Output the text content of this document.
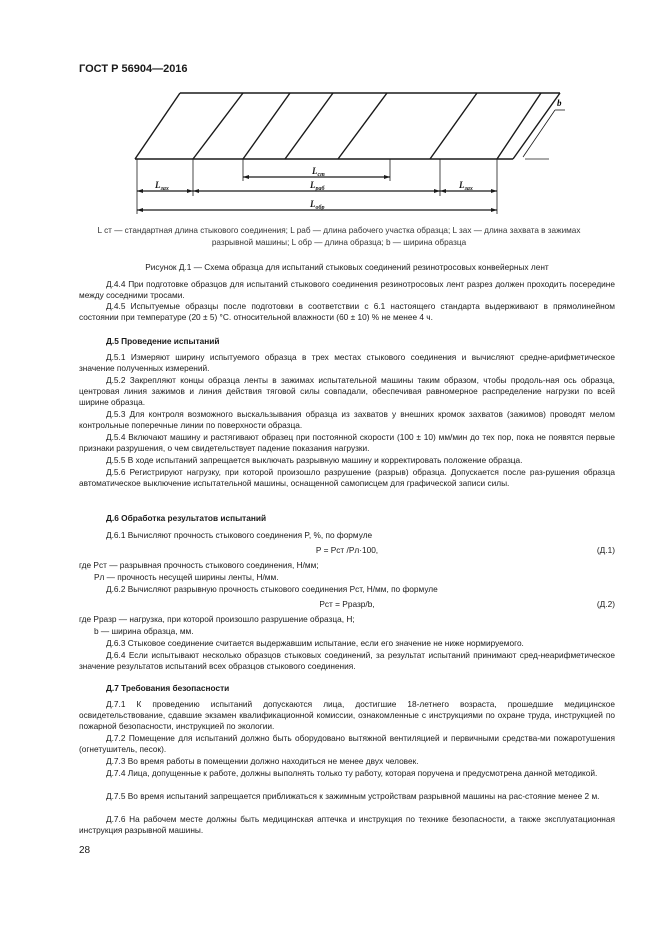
ГОСТ Р 56904—2016
b
$L_{ст}$
$L_{раб}$
$L_{зах}$	$L_{зах}$
$L_{обр}$
L ст — стандартная длина стыкового соединения; L раб — длина рабочего участка образца; L зах — длина захвата в зажимах
разрывной машины; L обр — длина образца; b — ширина образца
Рисунок Д.1 — Схема образца для испытаний стыковых соединений резинотросовых конвейерных лент
Д.4.4 При подготовке образцов для испытаний стыкового соединения резинотросовых лент разрез должен проходить посередине между соседними тросами.
Д.4.5 Испытуемые образцы после подготовки в соответствии с 6.1 настоящего стандарта выдерживают в прямолинейном состоянии при температуре (20 ± 5) °С. относительной влажности (60 ± 10) % не менее 4 ч.
Д.5 Проведение испытаний
Д.5.1 Измеряют ширину испытуемого образца в трех местах стыкового соединения и вычисляют средне-арифметическое значение полученных измерений.
Д.5.2 Закрепляют концы образца ленты в зажимах испытательной машины таким образом, чтобы продоль-ная ось образца, центровая линия зажимов и линия действия тяговой силы совпадали, обеспечивая равномерное распределение нагрузки по всей ширине образца.
Д.5.3 Для контроля возможного выскальзывания образца из захватов у внешних кромок захватов (зажимов) проводят мелом контрольные поперечные линии по поверхности образца.
Д.5.4 Включают машину и растягивают образец при постоянной скорости (100 ± 10) мм/мин до тех пор, пока не появятся первые признаки разрушения, о чем свидетельствует падение показания нагрузки.
Д.5.5 В ходе испытаний запрещается выключать разрывную машину и корректировать положение образца.
Д.5.6 Регистрируют нагрузку, при которой произошло разрушение (разрыв) образца. Допускается после раз-рушения образца автоматическое выключение испытательной машины, оснащенной самописцем для графической записи силы.
Д.6 Обработка результатов испытаний
Д.6.1 Вычисляют прочность стыкового соединения P, %, по формуле
P = Pст /Pл·100,	(Д.1)
где Pст — разрывная прочность стыкового соединения, Н/мм;
Pл — прочность несущей ширины ленты, Н/мм.
Д.6.2 Вычисляют разрывную прочность стыкового соединения Pст, Н/мм, по формуле
Pст = Pразр/b,	(Д.2)
где Pразр — нагрузка, при которой произошло разрушение образца, Н;
b — ширина образца, мм.
Д.6.3 Стыковое соединение считается выдержавшим испытание, если его значение не ниже нормируемого.
Д.6.4 Если испытывают несколько образцов стыковых соединений, за результат испытаний принимают сред-неарифметическое значение результатов испытаний всех образцов стыкового соединения.
Д.7 Требования безопасности
Д.7.1 К проведению испытаний допускаются лица, достигшие 18-летнего возраста, прошедшие медицинское освидетельствование, сдавшие экзамен квалификационной комиссии, ознакомленные с инструкциями по охране труда, инструкцией по пожарной безопасности, инструкцией по экологии.
Д.7.2 Помещение для испытаний должно быть оборудовано вытяжной вентиляцией и первичными средства-ми пожаротушения (огнетушитель, песок).
Д.7.3 Во время работы в помещении должно находиться не менее двух человек.
Д.7.4 Лица, допущенные к работе, должны выполнять только ту работу, которая поручена и предусмотрена данной методикой.
Д.7.5 Во время испытаний запрещается приближаться к зажимным устройствам разрывной машины на рас-стояние менее 2 м.
Д.7.6 На рабочем месте должны быть медицинская аптечка и инструкция по технике безопасности, а также эксплуатационная инструкция разрывной машины.
28
